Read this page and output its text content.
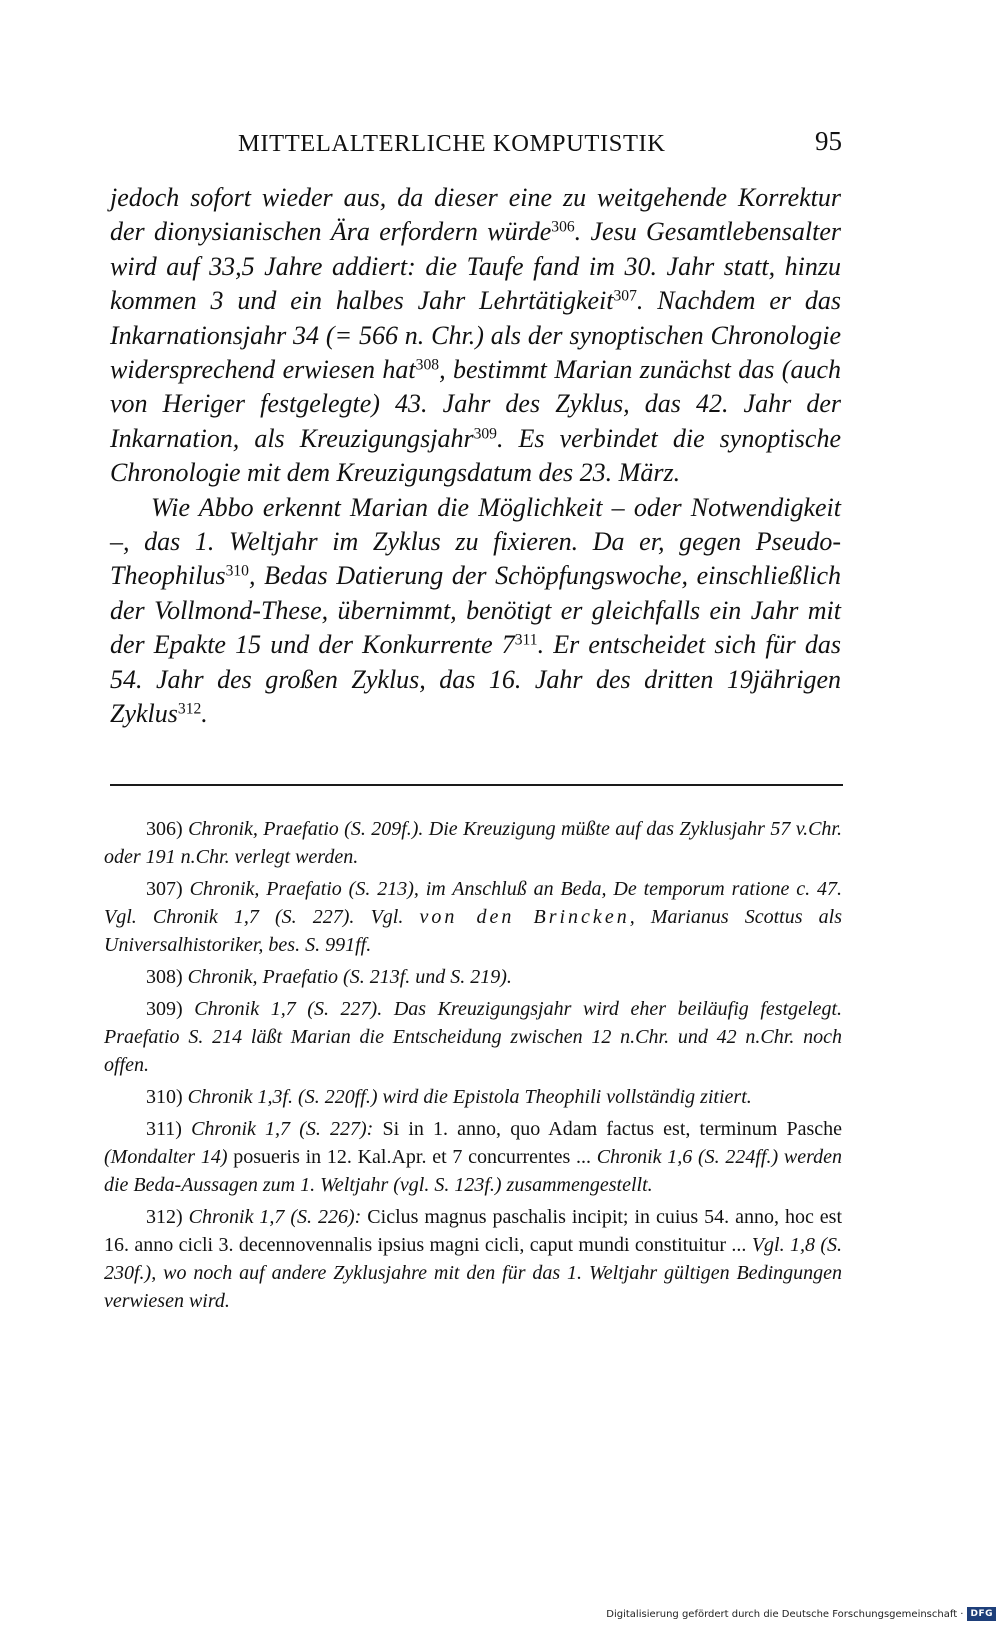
MITTELALTERLICHE KOMPUTISTIK	95

jedoch sofort wieder aus, da dieser eine zu weitgehende Korrektur der dionysianischen Ära erfordern würde$^{306}$. Jesu Gesamtlebensalter wird auf 33,5 Jahre addiert: die Taufe fand im 30. Jahr statt, hinzu kommen 3 und ein halbes Jahr Lehrtätigkeit$^{307}$. Nachdem er das Inkarnationsjahr 34 (= 566 n. Chr.) als der synoptischen Chronologie widersprechend erwiesen hat$^{308}$, bestimmt Marian zunächst das (auch von Heriger festgelegte) 43. Jahr des Zyklus, das 42. Jahr der Inkarnation, als Kreuzigungsjahr$^{309}$. Es verbindet die synoptische Chronologie mit dem Kreuzigungsdatum des 23. März.

Wie Abbo erkennt Marian die Möglichkeit – oder Notwendigkeit –, das 1. Weltjahr im Zyklus zu fixieren. Da er, gegen Pseudo-Theophilus$^{310}$, Bedas Datierung der Schöpfungswoche, einschließlich der Vollmond-These, übernimmt, benötigt er gleichfalls ein Jahr mit der Epakte 15 und der Konkurrente $7^{311}$. Er entscheidet sich für das 54. Jahr des großen Zyklus, das 16. Jahr des dritten 19jährigen Zyklus$^{312}$.

306) Chronik, Praefatio (S. 209f.). Die Kreuzigung müßte auf das Zyklusjahr 57 v.Chr. oder 191 n.Chr. verlegt werden.

307) Chronik, Praefatio (S. 213), im Anschluß an Beda, De temporum ratione c. 47. Vgl. Chronik 1,7 (S. 227). Vgl. von den Brincken, Marianus Scottus als Universalhistoriker, bes. S. 991ff.

308) Chronik, Praefatio (S. 213f. und S. 219).

309) Chronik 1,7 (S. 227). Das Kreuzigungsjahr wird eher beiläufig festgelegt. Praefatio S. 214 läßt Marian die Entscheidung zwischen 12 n.Chr. und 42 n.Chr. noch offen.

310) Chronik 1,3f. (S. 220ff.) wird die Epistola Theophili vollständig zitiert.

311) Chronik 1,7 (S. 227): Si in 1. anno, quo Adam factus est, terminum Pasche (Mondalter 14) posueris in 12. Kal.Apr. et 7 concurrentes ... Chronik 1,6 (S. 224ff.) werden die Beda-Aussagen zum 1. Weltjahr (vgl. S. 123f.) zusammengestellt.

312) Chronik 1,7 (S. 226): Ciclus magnus paschalis incipit; in cuius 54. anno, hoc est 16. anno cicli 3. decennovennalis ipsius magni cicli, caput mundi constituitur ... Vgl. 1,8 (S. 230f.), wo noch auf andere Zyklusjahre mit den für das 1. Weltjahr gültigen Bedingungen verwiesen wird.

Digitalisierung gefördert durch die Deutsche Forschungsgemeinschaft · DFG
